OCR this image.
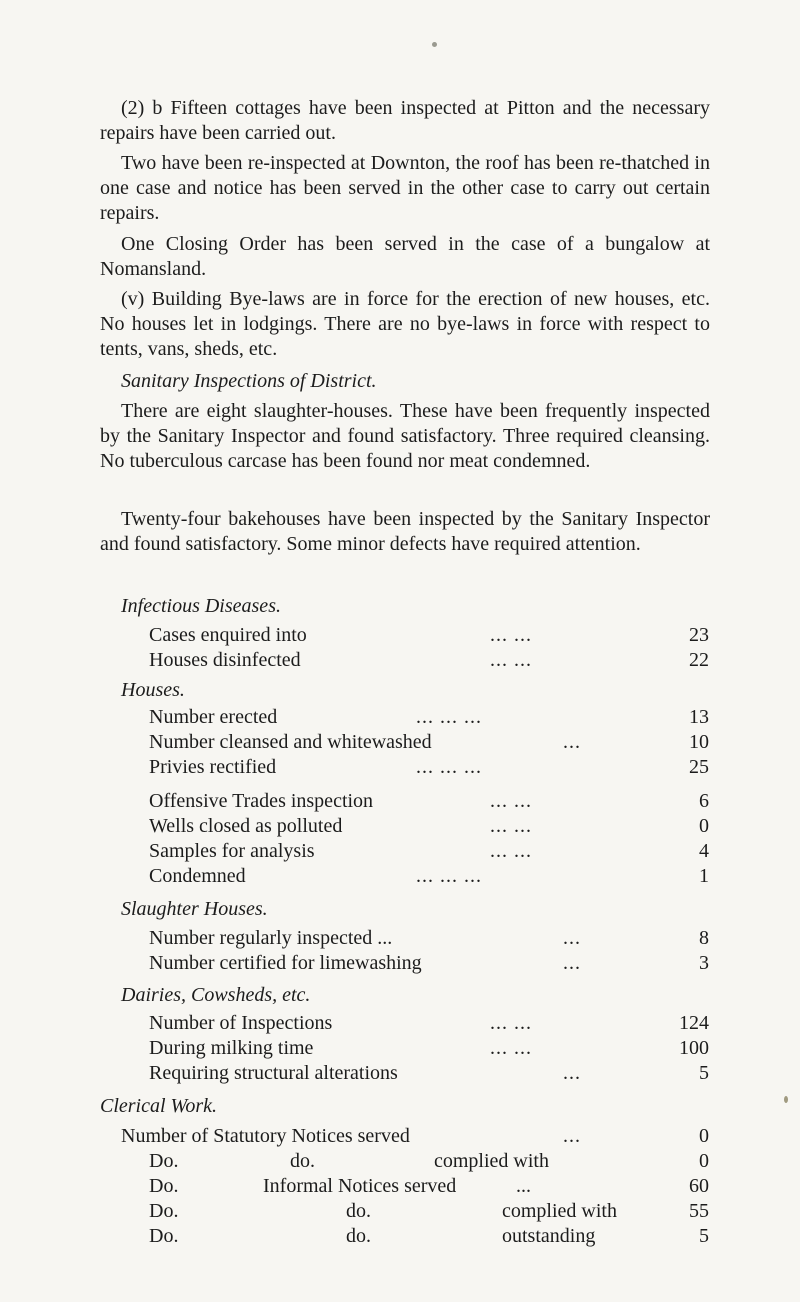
(2) b Fifteen cottages have been inspected at Pitton and the necessary repairs have been carried out.

Two have been re-inspected at Downton, the roof has been re-thatched in one case and notice has been served in the other case to carry out certain repairs.

One Closing Order has been served in the case of a bungalow at Nomansland.

(v) Building Bye-laws are in force for the erection of new houses, etc. No houses let in lodgings. There are no bye-laws in force with respect to tents, vans, sheds, etc.

Sanitary Inspections of District.

There are eight slaughter-houses. These have been frequently inspected by the Sanitary Inspector and found satisfactory. Three required cleansing. No tuberculous carcase has been found nor meat condemned.

Twenty-four bakehouses have been inspected by the Sanitary Inspector and found satisfactory. Some minor defects have required attention.

Infectious Diseases.

Cases enquired into	... ...	23
Houses disinfected	... ...	22

Houses.

Number erected	... ... ...	13
Number cleansed and whitewashed	...	10
Privies rectified	... ... ...	25
Offensive Trades inspection	... ...	6
Wells closed as polluted	... ...	0
Samples for analysis	... ...	4
Condemned	... ... ...	1

Slaughter Houses.

Number regularly inspected ...	...	8
Number certified for limewashing	...	3

Dairies, Cowsheds, etc.

Number of Inspections	... ...	124
During milking time	... ...	100
Requiring structural alterations	...	5

Clerical Work.

Number of Statutory Notices served	...	0
Do.	do.	complied with	0
Do.	Informal Notices served	...	60
Do.	do.	complied with	55
Do.	do.	outstanding	5
